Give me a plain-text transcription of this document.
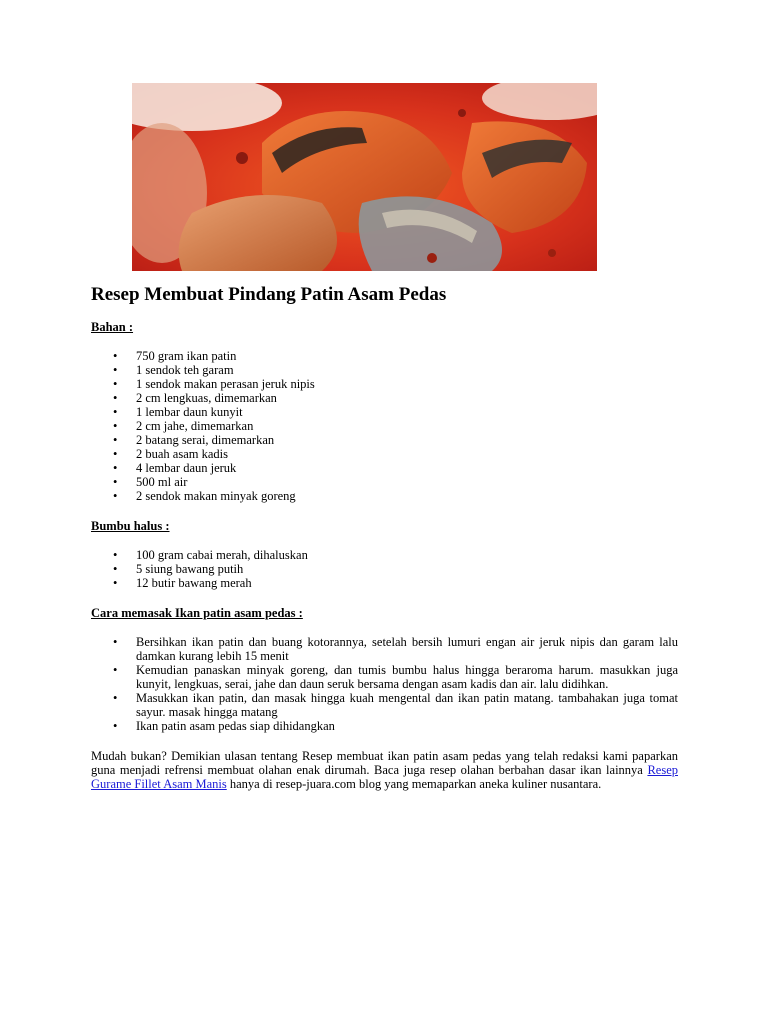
Resep Membuat Pindang Patin Asam Pedas
Bahan :
• 750 gram ikan patin
• 1 sendok teh garam
• 1 sendok makan perasan jeruk nipis
• 2 cm lengkuas, dimemarkan
• 1 lembar daun kunyit
• 2 cm jahe, dimemarkan
• 2 batang serai, dimemarkan
• 2 buah asam kadis
• 4 lembar daun jeruk
• 500 ml air
• 2 sendok makan minyak goreng
Bumbu halus :
• 100 gram cabai merah, dihaluskan
• 5 siung bawang putih
• 12 butir bawang merah
Cara memasak Ikan patin asam pedas :
• Bersihkan ikan patin dan buang kotorannya, setelah bersih lumuri engan air jeruk nipis dan garam lalu damkan kurang lebih 15 menit
• Kemudian panaskan minyak goreng, dan tumis bumbu halus hingga beraroma harum. masukkan juga kunyit, lengkuas, serai, jahe dan daun seruk bersama dengan asam kadis dan air. lalu didihkan.
• Masukkan ikan patin, dan masak hingga kuah mengental dan ikan patin matang. tambahakan juga tomat sayur. masak hingga matang
• Ikan patin asam pedas siap dihidangkan

Mudah bukan? Demikian ulasan tentang Resep membuat ikan patin asam pedas yang telah redaksi kami paparkan guna menjadi refrensi membuat olahan enak dirumah. Baca juga resep olahan berbahan dasar ikan lainnya Resep Gurame Fillet Asam Manis hanya di resep-juara.com blog yang memaparkan aneka kuliner nusantara.
